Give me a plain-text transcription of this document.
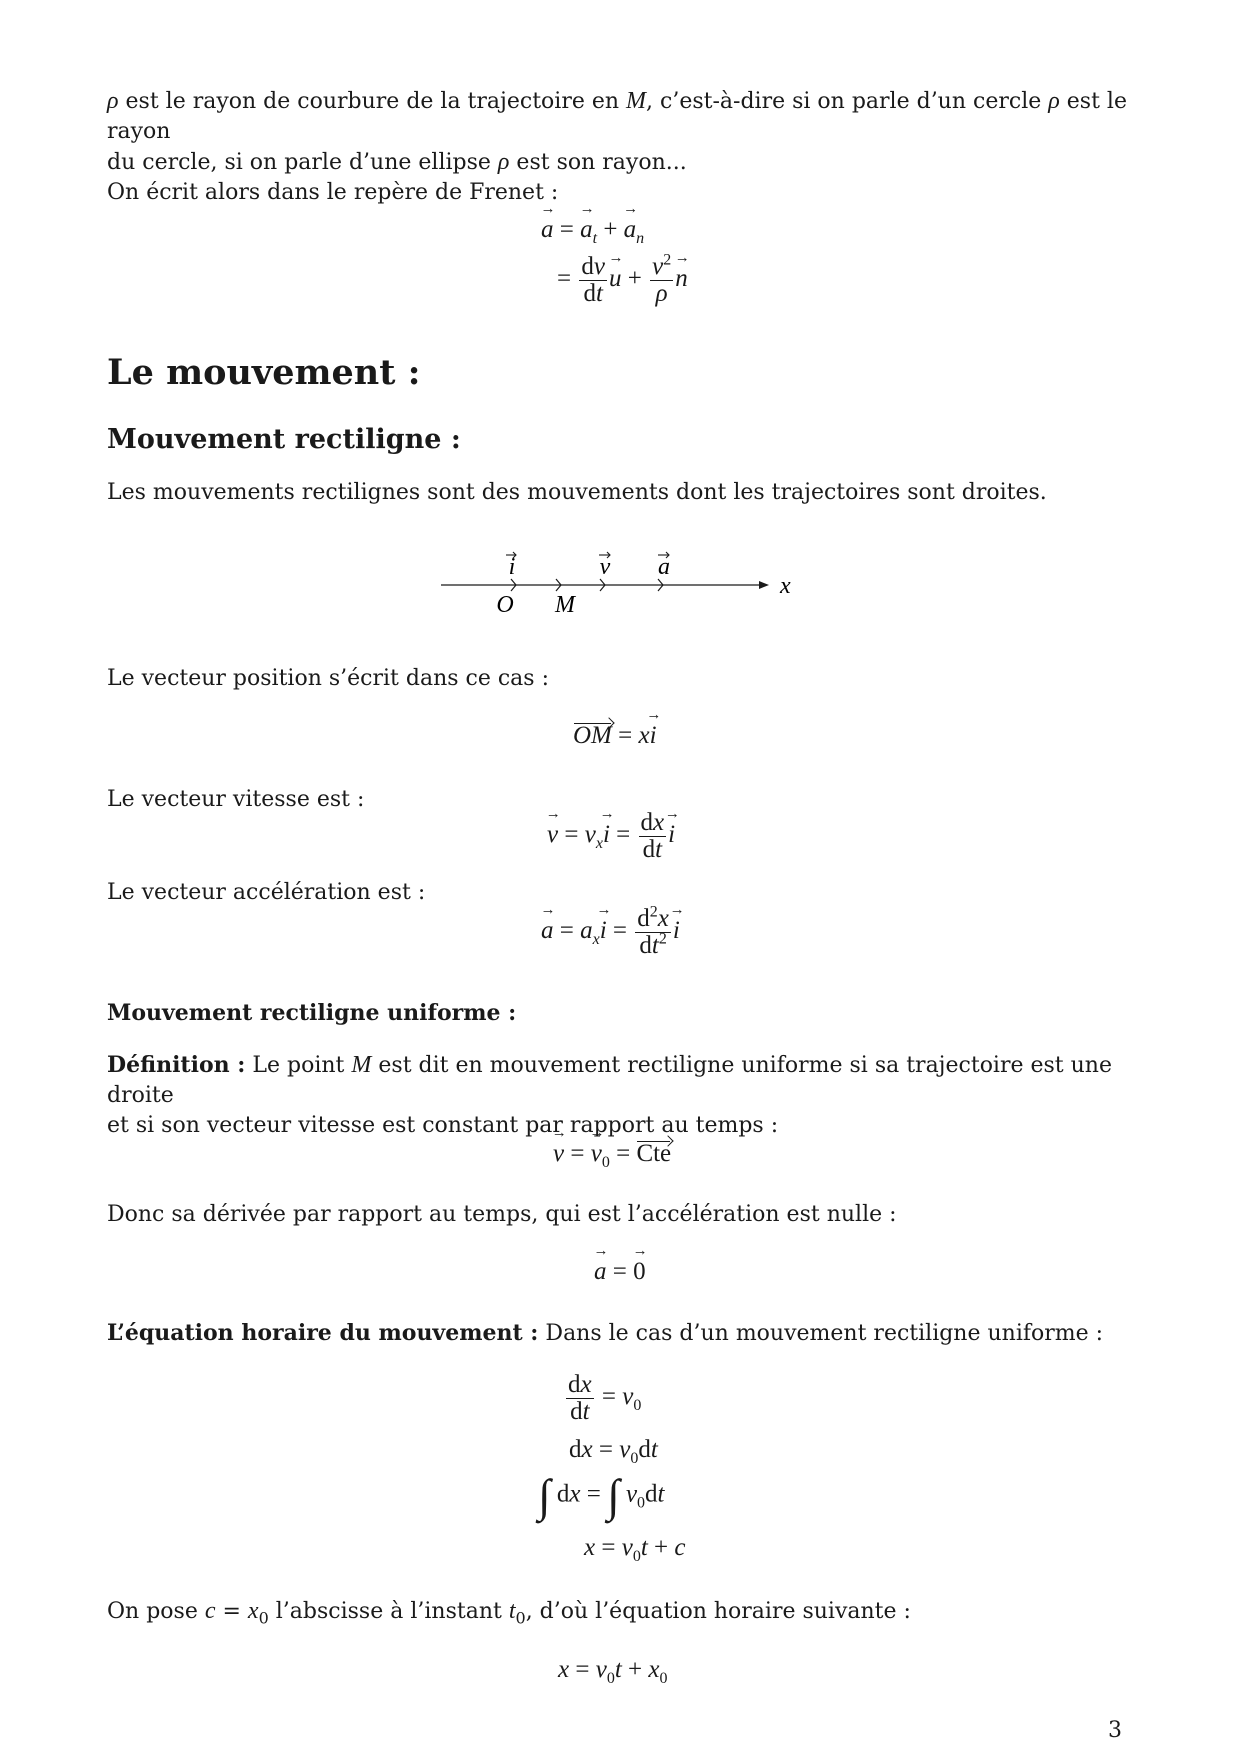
ρ est le rayon de courbure de la trajectoire en M, c’est-à-dire si on parle d’un cercle ρ est le rayon
du cercle, si on parle d’une ellipse ρ est son rayon...
On écrit alors dans le repère de Frenet :
→ a = → $a_t$ + → $a_n$
= $\frac{dv}{dt}$
→ $u + \frac{v^2}{\rho}$
→ n
Le mouvement :
Mouvement rectiligne :
Les mouvements rectilignes sont des mouvements dont les trajectoires sont droites.
i	v a
O M
x
Le vecteur position s’écrit dans ce cas :
OM = x→ i
Le vecteur vitesse est :
→ $v = v_x\to i = \frac{dx}{dt}$
→ i
Le vecteur accélération est :
→ $a = a_x\to i = \frac{d^2x}{dt^2}$
→ i
Mouvement rectiligne uniforme :
Définition : Le point M est dit en mouvement rectiligne uniforme si sa trajectoire est une droite
et si son vecteur vitesse est constant par rapport au temps :
→ v = → $v_0$ = Cte
Donc sa dérivée par rapport au temps, qui est l’accélération est nulle :
→ a = → 0
L’équation horaire du mouvement : Dans le cas d’un mouvement rectiligne uniforme :
$\frac{dx}{dt} = v_0$
dx = $v_0dt$
∫ dx = ∫ $v_0dt$
$x = v_0t + c$
On pose $c = x_0$ l’abscisse à l’instant $t_0$, d’où l’équation horaire suivante :
$x = v_0t + x_0$
3
